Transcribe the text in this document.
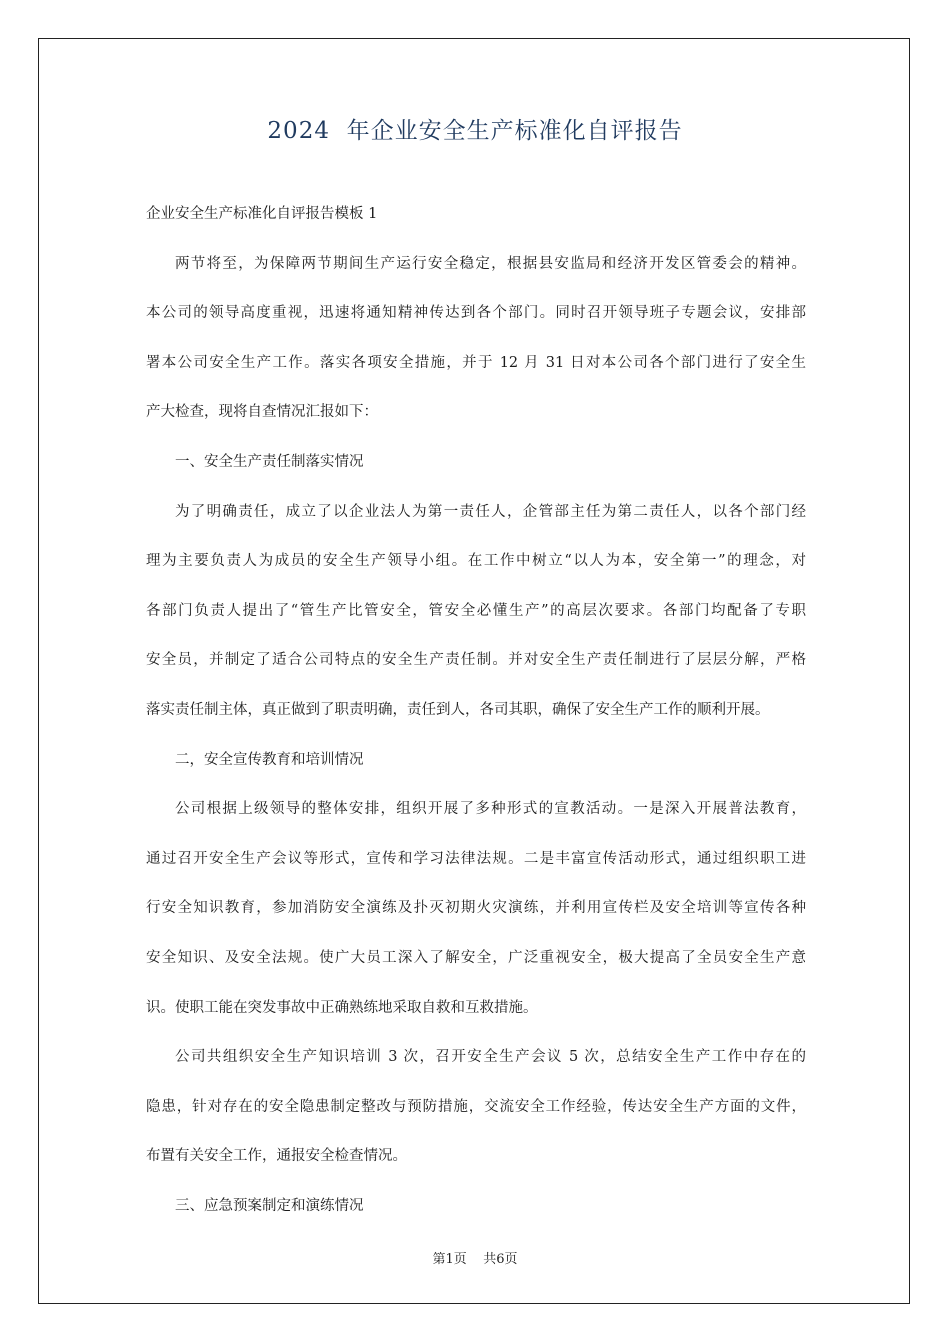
2024  年企业安全生产标准化自评报告
企业安全生产标准化自评报告模板 1
两节将至，为保障两节期间生产运行安全稳定，根据县安监局和经济开发区管委会的精神。
本公司的领导高度重视，迅速将通知精神传达到各个部门。同时召开领导班子专题会议，安排部
署本公司安全生产工作。落实各项安全措施，并于 12 月 31 日对本公司各个部门进行了安全生
产大检查，现将自查情况汇报如下：
一、安全生产责任制落实情况
为了明确责任，成立了以企业法人为第一责任人，企管部主任为第二责任人，以各个部门经
理为主要负责人为成员的安全生产领导小组。在工作中树立“以人为本，安全第一”的理念，对
各部门负责人提出了“管生产比管安全，管安全必懂生产”的高层次要求。各部门均配备了专职
安全员，并制定了适合公司特点的安全生产责任制。并对安全生产责任制进行了层层分解，严格
落实责任制主体，真正做到了职责明确，责任到人，各司其职，确保了安全生产工作的顺利开展。
二，安全宣传教育和培训情况
公司根据上级领导的整体安排，组织开展了多种形式的宣教活动。一是深入开展普法教育，
通过召开安全生产会议等形式，宣传和学习法律法规。二是丰富宣传活动形式，通过组织职工进
行安全知识教育，参加消防安全演练及扑灭初期火灾演练，并利用宣传栏及安全培训等宣传各种
安全知识、及安全法规。使广大员工深入了解安全，广泛重视安全，极大提高了全员安全生产意
识。使职工能在突发事故中正确熟练地采取自救和互救措施。
公司共组织安全生产知识培训 3 次，召开安全生产会议 5 次，总结安全生产工作中存在的
隐患，针对存在的安全隐患制定整改与预防措施，交流安全工作经验，传达安全生产方面的文件，
布置有关安全工作，通报安全检查情况。
三、应急预案制定和演练情况
第1页    共6页
